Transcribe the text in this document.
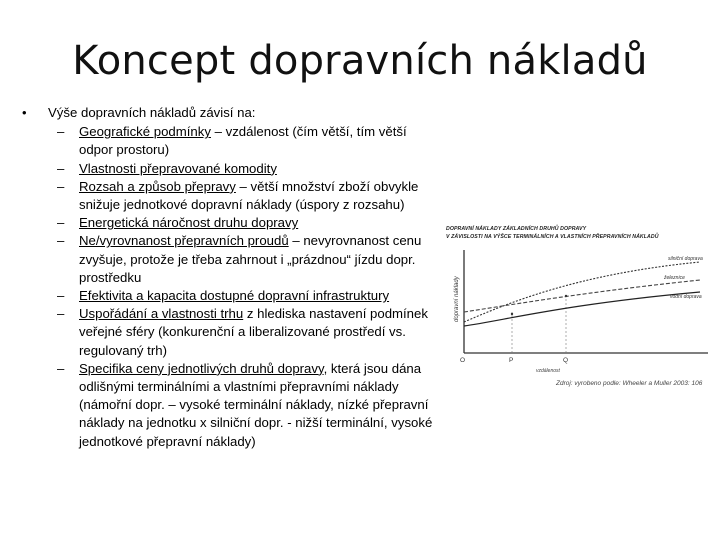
Koncept dopravních nákladů
• Výše dopravních nákladů závisí na:
– Geografické podmínky – vzdálenost (čím větší, tím větší odpor prostoru)
– Vlastnosti přepravované komodity
– Rozsah a způsob přepravy – větší množství zboží obvykle snižuje jednotkové dopravní náklady (úspory z rozsahu)
– Energetická náročnost druhu dopravy
– Ne/vyrovnanost přepravních proudů – nevyrovnanost cenu zvyšuje, protože je třeba zahrnout i „prázdnou“ jízdu dopr. prostředku
– Efektivita a kapacita dostupné dopravní infrastruktury
– Uspořádání a vlastnosti trhu z hlediska nastavení podmínek veřejné sféry (konkurenční a liberalizované prostředí vs. regulovaný trh)
– Specifika ceny jednotlivých druhů dopravy, která jsou dána odlišnými terminálními a vlastními přepravními náklady (námořní dopr. – vysoké terminální náklady, nízké přepravní náklady na jednotku x silniční dopr. - nižší terminální, vysoké jednotkové přepravní náklady)
DOPRAVNÍ NÁKLADY ZÁKLADNÍCH DRUHŮ DOPRAVY
V ZÁVISLOSTI NA VÝŠCE TERMINÁLNÍCH A VLASTNÍCH PŘEPRAVNÍCH NÁKLADŮ
dopravní náklady
O	P	Q
vzdálenost
silniční doprava
železnice
vodní doprava
Zdroj: vyrobeno podle: Wheeler a Muller 2003: 106
